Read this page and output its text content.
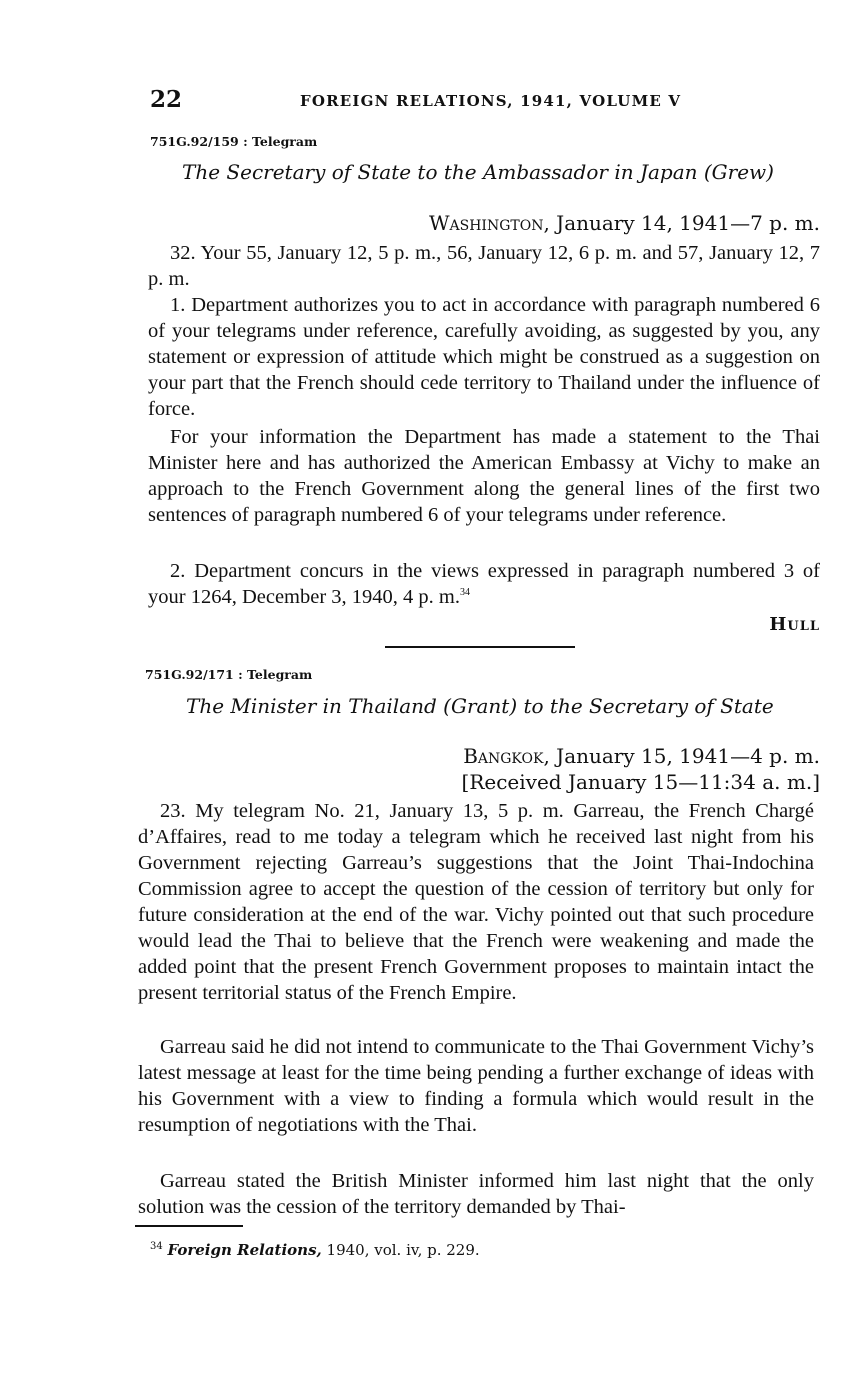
22	FOREIGN RELATIONS, 1941, VOLUME V
751G.92/159 : Telegram
The Secretary of State to the Ambassador in Japan (Grew)
Washington, January 14, 1941—7 p. m.

32. Your 55, January 12, 5 p. m., 56, January 12, 6 p. m. and 57, January 12, 7 p. m.

1. Department authorizes you to act in accordance with paragraph numbered 6 of your telegrams under reference, carefully avoiding, as suggested by you, any statement or expression of attitude which might be construed as a suggestion on your part that the French should cede territory to Thailand under the influence of force.

For your information the Department has made a statement to the Thai Minister here and has authorized the American Embassy at Vichy to make an approach to the French Government along the general lines of the first two sentences of paragraph numbered 6 of your telegrams under reference.

2. Department concurs in the views expressed in paragraph numbered 3 of your 1264, December 3, 1940, 4 p. m.$^{34}$

Hull
751G.92/171 : Telegram
The Minister in Thailand (Grant) to the Secretary of State
Bangkok, January 15, 1941—4 p. m.
[Received January 15—11:34 a. m.]

23. My telegram No. 21, January 13, 5 p. m. Garreau, the French Chargé d’Affaires, read to me today a telegram which he received last night from his Government rejecting Garreau’s suggestions that the Joint Thai-Indochina Commission agree to accept the question of the cession of territory but only for future consideration at the end of the war. Vichy pointed out that such procedure would lead the Thai to believe that the French were weakening and made the added point that the present French Government proposes to maintain intact the present territorial status of the French Empire.

Garreau said he did not intend to communicate to the Thai Government Vichy’s latest message at least for the time being pending a further exchange of ideas with his Government with a view to finding a formula which would result in the resumption of negotiations with the Thai.

Garreau stated the British Minister informed him last night that the only solution was the cession of the territory demanded by Thai-

$^{34}$ Foreign Relations, 1940, vol. iv, p. 229.
